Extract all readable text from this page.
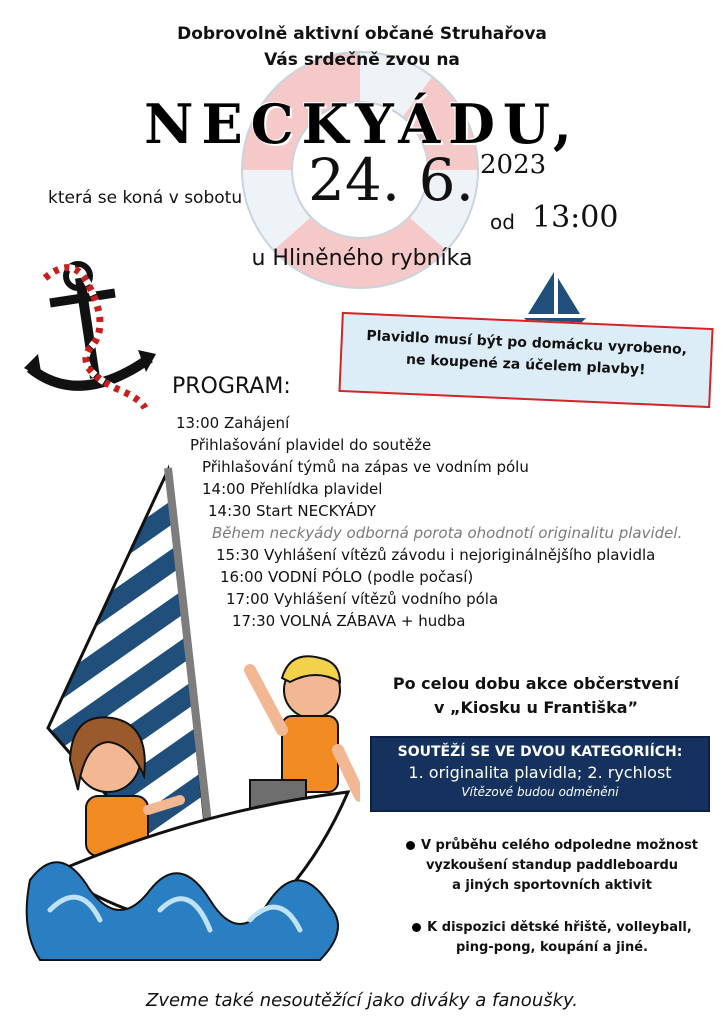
Dobrovolně aktivní občané Struhařova
Vás srdečně zvou na
NECKYÁDU,
která se koná v sobotu 24. 6. 2023
od 13:00
u Hliněného rybníka
Plavidlo musí být po domácku vyrobeno,
ne koupené za účelem plavby!
PROGRAM:
13:00 Zahájení
Přihlašování plavidel do soutěže
Přihlašování týmů na zápas ve vodním pólu
14:00 Přehlídka plavidel
14:30 Start NECKYÁDY
Během neckyády odborná porota ohodnotí originalitu plavidel.
15:30 Vyhlášení vítězů závodu i nejoriginálnějšího plavidla
16:00 VODNÍ PÓLO (podle počasí)
17:00 Vyhlášení vítězů vodního póla
17:30 VOLNÁ ZÁBAVA + hudba
Po celou dobu akce občerstvení
v „Kiosku u Františka”
SOUTĚŽÍ SE VE DVOU KATEGORIÍCH:
1. originalita plavidla; 2. rychlost
Vítězové budou odměněni
V průběhu celého odpoledne možnost
vyzkoušení standup paddleboardu
a jiných sportovních aktivit
K dispozici dětské hřiště, volleyball,
ping-pong, koupání a jiné.
Zveme také nesoutěžící jako diváky a fanoušky.
